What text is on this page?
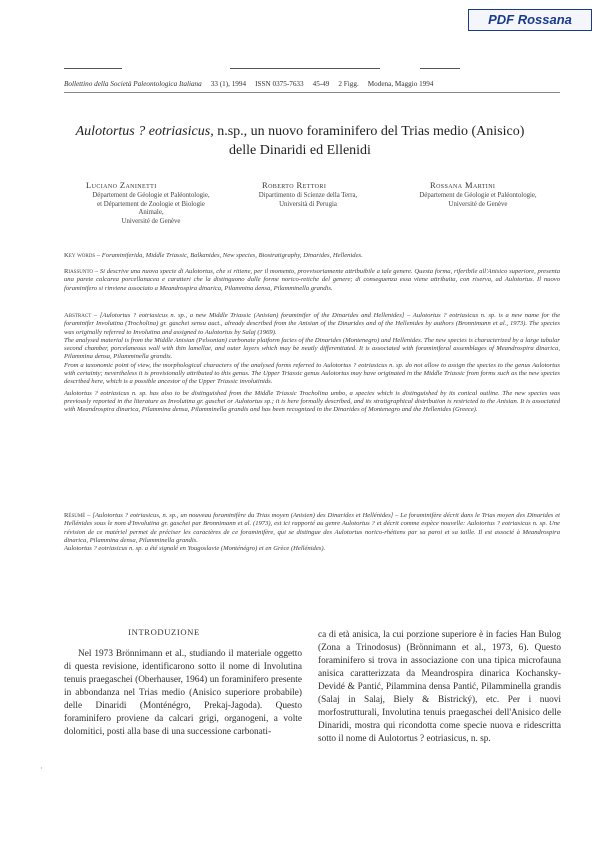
PDF Rossana
Bollettino della Società Paleontologica Italiana 33 (1), 1994 ISSN 0375-7633 45-49 2 Figg. Modena, Maggio 1994
Aulotortus ? eotriasicus, n.sp., un nuovo foraminifero del Trias medio (Anisico)
delle Dinaridi ed Ellenidi
Luciano Zaninetti
Département de Géologie et Paléontologie,
et Département de Zoologie et Biologie
Animale,
Université de Genève
Roberto Rettori
Dipartimento di Scienze della Terra,
Università di Perugia
Rossana Martini
Département de Géologie et Paléontologie,
Université de Genève
Key words – Foraminiferida, Middle Triassic, Balkanides, New species, Biostratigraphy, Dinarides, Hellenides.
Riassunto – Si descrive una nuova specie di Aulotortus, che si ritiene, per il momento, provvisoriamente attribuibile a tale genere. Questa forma, riferibile all'Anisico superiore, presenta una parete calcarea porcellanacea e caratteri che la distinguono dalle forme norico-retiche del genere; di conseguenza essa viene attribuita, con riserva, ad Aulotortus. Il nuovo foraminifero si rinviene associato a Meandrospira dinarica, Pilammina densa, Pilamminella grandis.

Abstract – [Aulotortus ? eotriasicus n. sp., a new Middle Triassic (Anisian) foraminifer of the Dinarides and Hellenides] – Aulotortus ? eotriasicus n. sp. is a new name for the foraminifer Involutina (Trocholina) gr. gaschei sensu auct., already described from the Anisian of the Dinarides and of the Hellenides by authors (Bronnimann et al., 1973). The species was originally referred to Involutina and assigned to Aulotortus by Salaj (1969).

The analysed material is from the Middle Anisian (Pelsonian) carbonate platform facies of the Dinarides (Montenegro) and Hellenides. The new species is characterized by a large tubular second chamber, porcelaneous wall with thin lamellae, and outer layers which may be neatly differentiated. It is associated with foraminiferal assemblages of Meandrospira dinarica, Pilammina densa, Pilamminella grandis.

From a taxonomic point of view, the morphological characters of the analysed forms referred to Aulotortus ? eotriasicus n. sp. do not allow to assign the species to the genus Aulotortus with certainty; nevertheless it is provisionally attributed to this genus. The Upper Triassic genus Aulotortus may have originated in the Middle Triassic from forms such as the new species described here, which is a possible ancestor of the Upper Triassic involutinids.

Aulotortus ? eotriasicus n. sp. has also to be distinguished from the Middle Triassic Trocholina umbo, a species which is distinguished by its conical outline. The new species was previously reported in the literature as Involutina gr. gaschei or Aulotortus sp.; it is here formally described, and its stratigraphical distribution is restricted to the Anisian. It is associated with Meandrospira dinarica, Pilammina densa, Pilamminella grandis and has been recognized in the Dinarides of Montenegro and the Hellenides (Greece).

Résumé – [Aulotortus ? eotriasicus, n. sp., un nouveau foraminifère du Trias moyen (Anisien) des Dinarides et Hellénides] – Le foraminifère décrit dans le Trias moyen des Dinarides et Hellénides sous le nom d'Involutina gr. gaschei par Bronnimann et al. (1973), est ici rapporté au genre Aulotortus ? et décrit comme espèce nouvelle: Aulotortus ? eotriasicus n. sp. Une révision de ce matériel permet de préciser les caractères de ce foraminifère, qui se distingue des Aulotortus norico-rhétiens par sa paroi et sa taille. Il est associé à Meandrospira dinarica, Pilammina densa, Pilamminella grandis.

Aulotortus ? eotriasicus n. sp. a été signalé en Yougoslavie (Monténégro) et en Grèce (Hellénides).

INTRODUZIONE
Nel 1973 Brönnimann et al., studiando il materiale oggetto di questa revisione, identificarono sotto il nome di Involutina tenuis praegaschei (Oberhauser, 1964) un foraminifero presente in abbondanza nel Trias medio (Anisico superiore probabile) delle Dinaridi (Monténégro, Prekaj-Jagoda). Questo foraminifero proviene da calcari grigi, organogeni, a volte dolomitici, posti alla base di una successione carbonati-
ca di età anisica, la cui porzione superiore è in facies Han Bulog (Zona a Trinodosus) (Brönnimann et al., 1973, 6). Questo foraminifero si trova in associazione con una tipica microfauna anisica caratterizzata da Meandrospira dinarica Kochansky-Devidé & Pantić, Pilammina densa Pantić, Pilamminella grandis (Salaj in Salaj, Biely & Bistrický), etc. Per i nuovi morfostrutturali, Involutina tenuis praegaschei dell'Anisico delle Dinaridi, mostra qui ricondotta come specie nuova e ridescritta sotto il nome di Aulotortus ? eotriasicus, n. sp.
·
